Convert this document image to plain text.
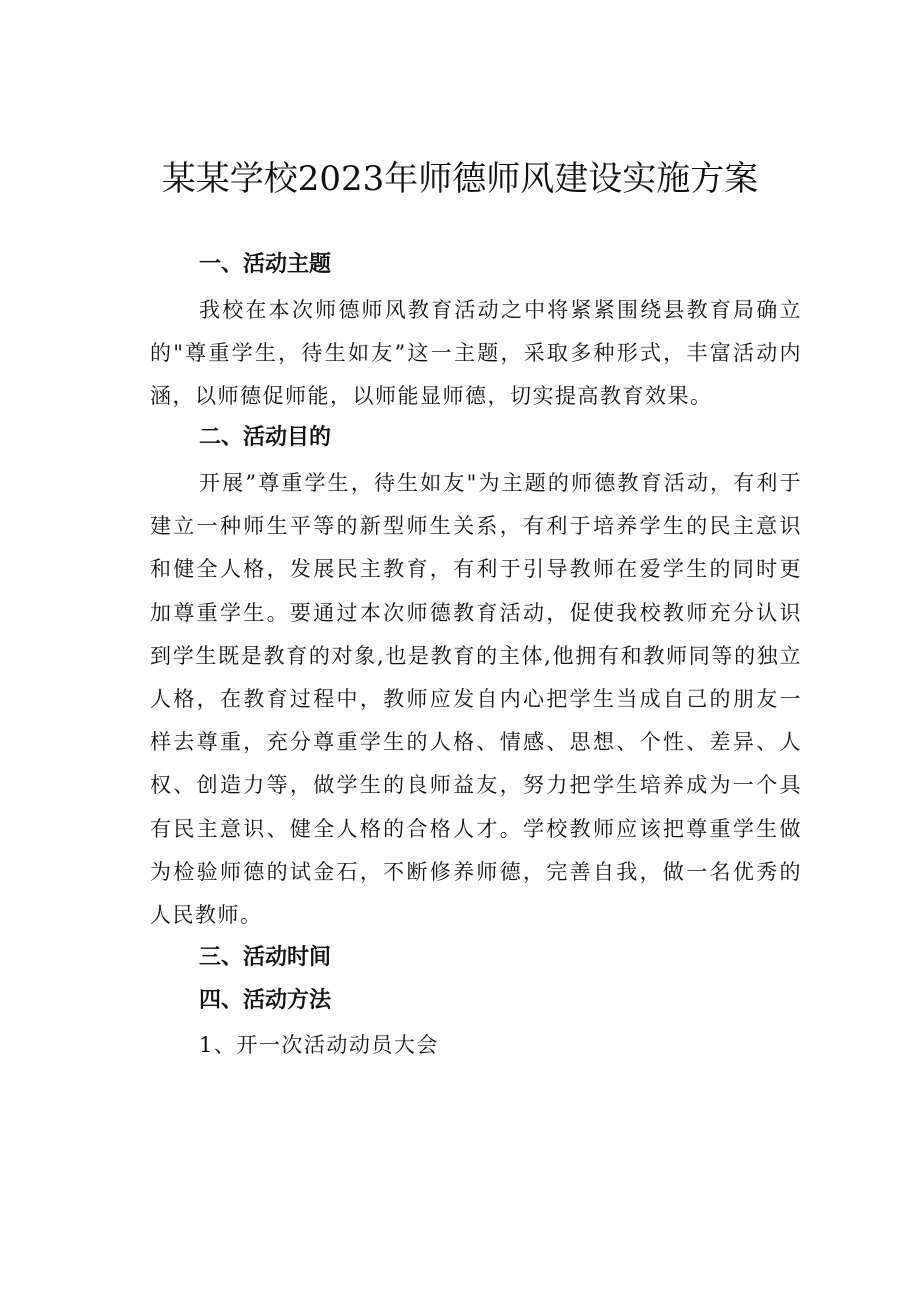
某某学校2023年师德师风建设实施方案
一、活动主题

我校在本次师德师风教育活动之中将紧紧围绕县教育局确立的"尊重学生，待生如友”这一主题，采取多种形式，丰富活动内涵，以师德促师能，以师能显师德，切实提高教育效果。

二、活动目的

开展”尊重学生，待生如友"为主题的师德教育活动，有利于建立一种师生平等的新型师生关系，有利于培养学生的民主意识和健全人格，发展民主教育，有利于引导教师在爱学生的同时更加尊重学生。要通过本次师德教育活动，促使我校教师充分认识到学生既是教育的对象,也是教育的主体,他拥有和教师同等的独立人格，在教育过程中，教师应发自内心把学生当成自己的朋友一样去尊重，充分尊重学生的人格、情感、思想、个性、差异、人权、创造力等，做学生的良师益友，努力把学生培养成为一个具有民主意识、健全人格的合格人才。学校教师应该把尊重学生做为检验师德的试金石，不断修养师德，完善自我，做一名优秀的人民教师。

三、活动时间
四、活动方法

1、开一次活动动员大会
